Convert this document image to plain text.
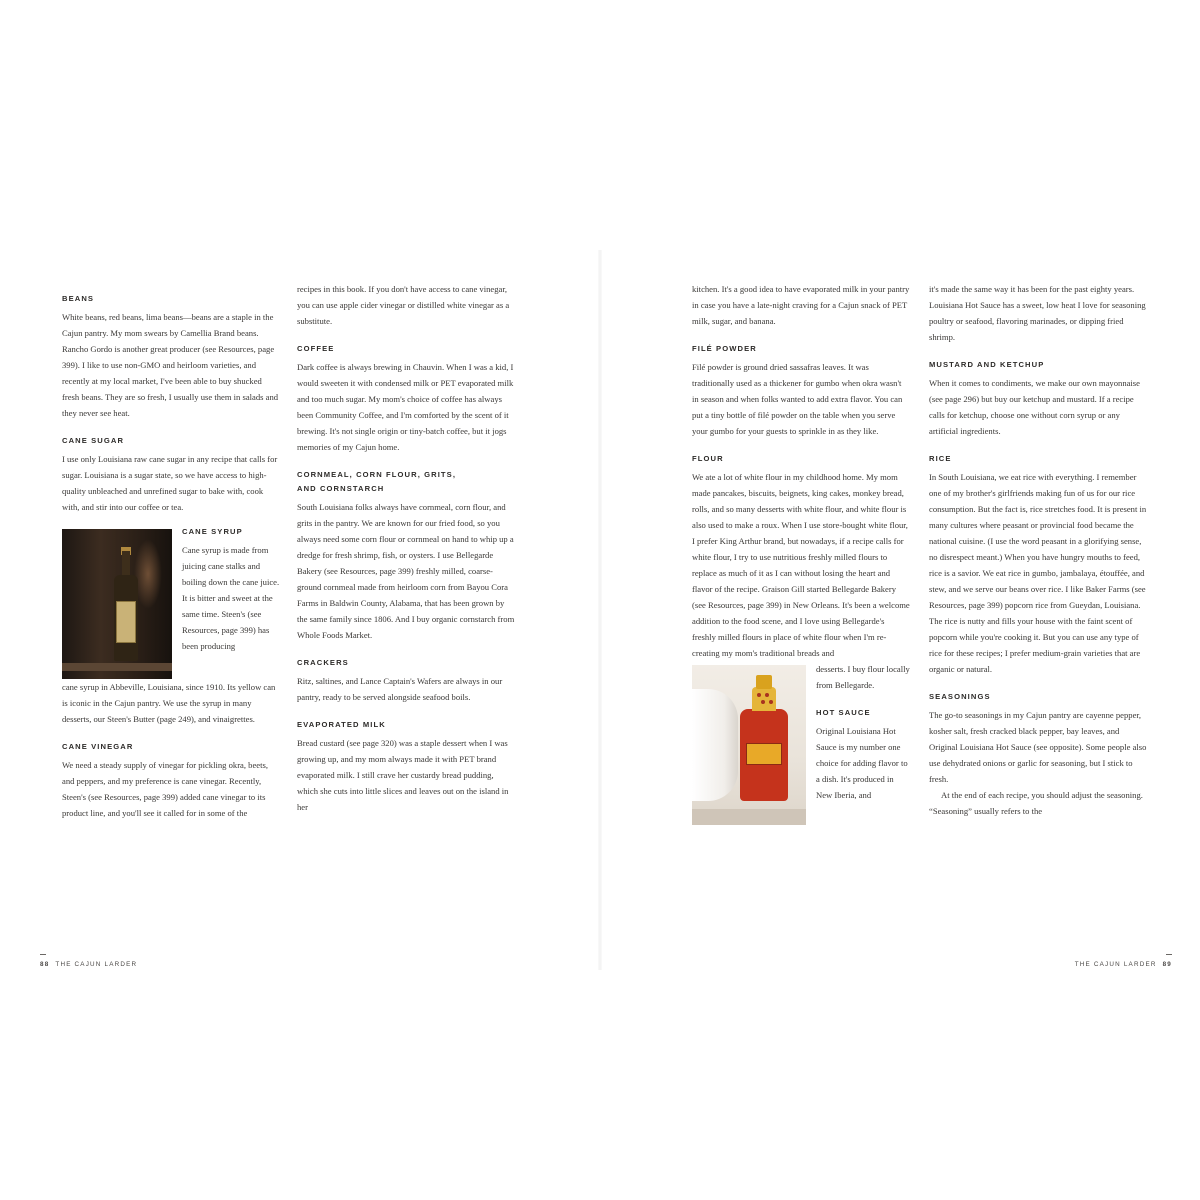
BEANS

White beans, red beans, lima beans—beans are a staple in the Cajun pantry. My mom swears by Camellia Brand beans. Rancho Gordo is another great producer (see Resources, page 399). I like to use non-GMO and heirloom varieties, and recently at my local market, I've been able to buy shucked fresh beans. They are so fresh, I usually use them in salads and they never see heat.

CANE SUGAR

I use only Louisiana raw cane sugar in any recipe that calls for sugar. Louisiana is a sugar state, so we have access to high-quality unbleached and unrefined sugar to bake with, cook with, and stir into our coffee or tea.

CANE SYRUP

Cane syrup is made from juicing cane stalks and boiling down the cane juice. It is bitter and sweet at the same time. Steen's (see Resources, page 399) has been producing

cane syrup in Abbeville, Louisiana, since 1910. Its yellow can is iconic in the Cajun pantry. We use the syrup in many desserts, our Steen's Butter (page 249), and vinaigrettes.

CANE VINEGAR

We need a steady supply of vinegar for pickling okra, beets, and peppers, and my preference is cane vinegar. Recently, Steen's (see Resources, page 399) added cane vinegar to its product line, and you'll see it called for in some of the

recipes in this book. If you don't have access to cane vinegar, you can use apple cider vinegar or distilled white vinegar as a substitute.

COFFEE

Dark coffee is always brewing in Chauvin. When I was a kid, I would sweeten it with condensed milk or PET evaporated milk and too much sugar. My mom's choice of coffee has always been Community Coffee, and I'm comforted by the scent of it brewing. It's not single origin or tiny-batch coffee, but it jogs memories of my Cajun home.

CORNMEAL, CORN FLOUR, GRITS,
AND CORNSTARCH

South Louisiana folks always have cornmeal, corn flour, and grits in the pantry. We are known for our fried food, so you always need some corn flour or cornmeal on hand to whip up a dredge for fresh shrimp, fish, or oysters. I use Bellegarde Bakery (see Resources, page 399) freshly milled, coarse-ground cornmeal made from heirloom corn from Bayou Cora Farms in Baldwin County, Alabama, that has been grown by the same family since 1806. And I buy organic cornstarch from Whole Foods Market.

CRACKERS

Ritz, saltines, and Lance Captain's Wafers are always in our pantry, ready to be served alongside seafood boils.

EVAPORATED MILK

Bread custard (see page 320) was a staple dessert when I was growing up, and my mom always made it with PET brand evaporated milk. I still crave her custardy bread pudding, which she cuts into little slices and leaves out on the island in her

kitchen. It's a good idea to have evaporated milk in your pantry in case you have a late-night craving for a Cajun snack of PET milk, sugar, and banana.

FILÉ POWDER

Filé powder is ground dried sassafras leaves. It was traditionally used as a thickener for gumbo when okra wasn't in season and when folks wanted to add extra flavor. You can put a tiny bottle of filé powder on the table when you serve your gumbo for your guests to sprinkle in as they like.

FLOUR

We ate a lot of white flour in my childhood home. My mom made pancakes, biscuits, beignets, king cakes, monkey bread, rolls, and so many desserts with white flour, and white flour is also used to make a roux. When I use store-bought white flour, I prefer King Arthur brand, but nowadays, if a recipe calls for white flour, I try to use nutritious freshly milled flours to replace as much of it as I can without losing the heart and flavor of the recipe. Graison Gill started Bellegarde Bakery (see Resources, page 399) in New Orleans. It's been a welcome addition to the food scene, and I love using Bellegarde's freshly milled flours in place of white flour when I'm re-creating my mom's traditional breads and

desserts. I buy flour locally from Bellegarde.

HOT SAUCE

Original Louisiana Hot Sauce is my number one choice for adding flavor to a dish. It's produced in New Iberia, and

it's made the same way it has been for the past eighty years. Louisiana Hot Sauce has a sweet, low heat I love for seasoning poultry or seafood, flavoring marinades, or dipping fried shrimp.

MUSTARD AND KETCHUP

When it comes to condiments, we make our own mayonnaise (see page 296) but buy our ketchup and mustard. If a recipe calls for ketchup, choose one without corn syrup or any artificial ingredients.

RICE

In South Louisiana, we eat rice with everything. I remember one of my brother's girlfriends making fun of us for our rice consumption. But the fact is, rice stretches food. It is present in many cultures where peasant or provincial food became the national cuisine. (I use the word peasant in a glorifying sense, no disrespect meant.) When you have hungry mouths to feed, rice is a savior. We eat rice in gumbo, jambalaya, étouffée, and stew, and we serve our beans over rice. I like Baker Farms (see Resources, page 399) popcorn rice from Gueydan, Louisiana. The rice is nutty and fills your house with the faint scent of popcorn while you're cooking it. But you can use any type of rice for these recipes; I prefer medium-grain varieties that are organic or natural.

SEASONINGS

The go-to seasonings in my Cajun pantry are cayenne pepper, kosher salt, fresh cracked black pepper, bay leaves, and Original Louisiana Hot Sauce (see opposite). Some people also use dehydrated onions or garlic for seasoning, but I stick to fresh.

At the end of each recipe, you should adjust the seasoning. “Seasoning” usually refers to the

88 THE CAJUN LARDER	THE CAJUN LARDER 89
